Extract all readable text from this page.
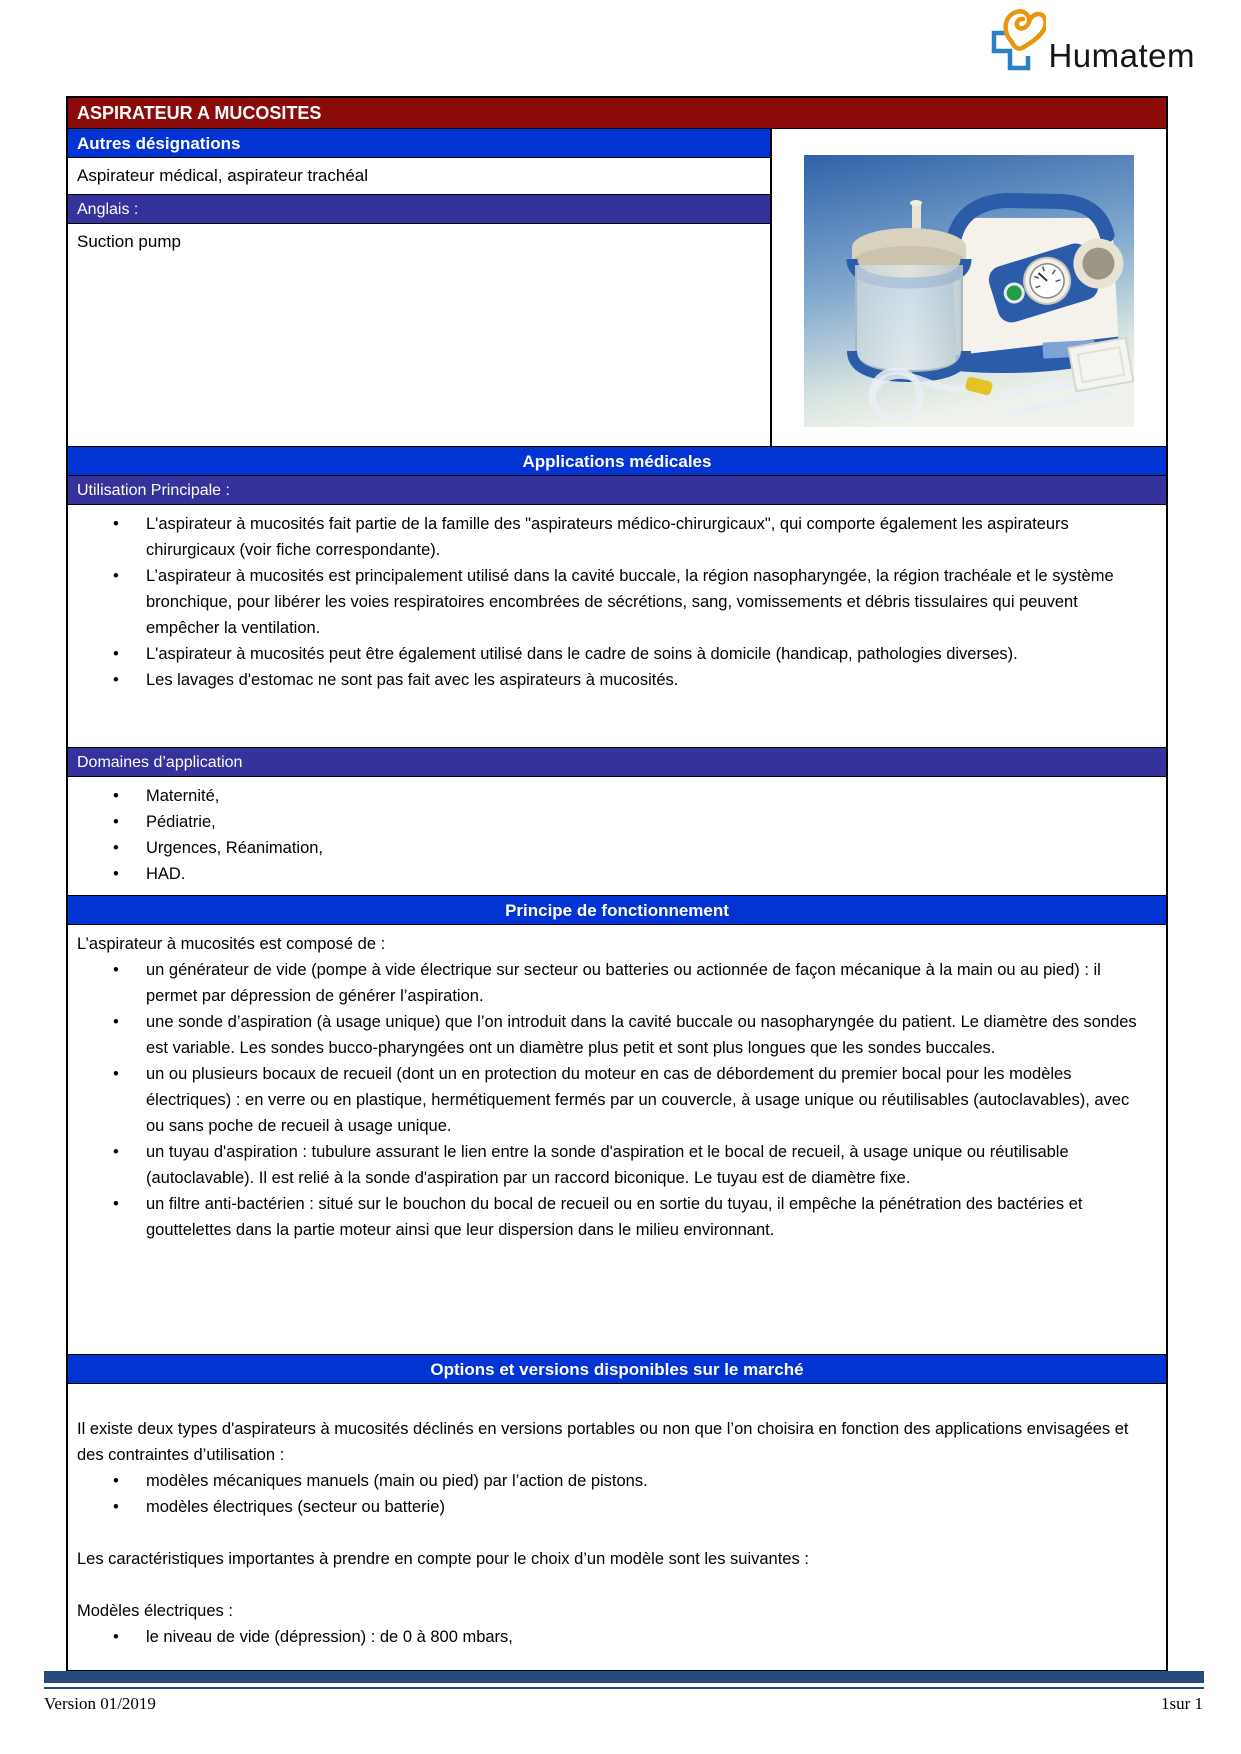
Humatem
ASPIRATEUR A MUCOSITES
Autres désignations
Aspirateur médical, aspirateur trachéal
Anglais :
Suction pump
Applications médicales
Utilisation Principale :
•	L'aspirateur à mucosités fait partie de la famille des "aspirateurs médico-chirurgicaux", qui comporte également les aspirateurs chirurgicaux (voir fiche correspondante).
•	L’aspirateur à mucosités est principalement utilisé dans la cavité buccale, la région nasopharyngée, la région trachéale et le système bronchique, pour libérer les voies respiratoires encombrées de sécrétions, sang, vomissements et débris tissulaires qui peuvent empêcher la ventilation.
•	L'aspirateur à mucosités peut être également utilisé dans le cadre de soins à domicile (handicap, pathologies diverses).
•	Les lavages d'estomac ne sont pas fait avec les aspirateurs à mucosités.
Domaines d’application
•	Maternité,
•	Pédiatrie,
•	Urgences, Réanimation,
•	HAD.
Principe de fonctionnement

L’aspirateur à mucosités est composé de :

•	un générateur de vide (pompe à vide électrique sur secteur ou batteries ou actionnée de façon mécanique à la main ou au pied) : il permet par dépression de générer l’aspiration.
•	une sonde d’aspiration (à usage unique) que l’on introduit dans la cavité buccale ou nasopharyngée du patient. Le diamètre des sondes est variable. Les sondes bucco-pharyngées ont un diamètre plus petit et sont plus longues que les sondes buccales.
•	un ou plusieurs bocaux de recueil (dont un en protection du moteur en cas de débordement du premier bocal pour les modèles électriques) : en verre ou en plastique, hermétiquement fermés par un couvercle, à usage unique ou réutilisables (autoclavables), avec ou sans poche de recueil à usage unique.
•	un tuyau d'aspiration : tubulure assurant le lien entre la sonde d'aspiration et le bocal de recueil, à usage unique ou réutilisable (autoclavable). Il est relié à la sonde d'aspiration par un raccord biconique. Le tuyau est de diamètre fixe.
•	un filtre anti-bactérien : situé sur le bouchon du bocal de recueil ou en sortie du tuyau, il empêche la pénétration des bactéries et gouttelettes dans la partie moteur ainsi que leur dispersion dans le milieu environnant.
Options et versions disponibles sur le marché

Il existe deux types d'aspirateurs à mucosités déclinés en versions portables ou non que l’on choisira en fonction des applications envisagées et des contraintes d’utilisation :

•	modèles mécaniques manuels (main ou pied) par l’action de pistons.
•	modèles électriques (secteur ou batterie)

Les caractéristiques importantes à prendre en compte pour le choix d’un modèle sont les suivantes :

Modèles électriques :

•	le niveau de vide (dépression) : de 0 à 800 mbars,
Version 01/2019	1sur 1
